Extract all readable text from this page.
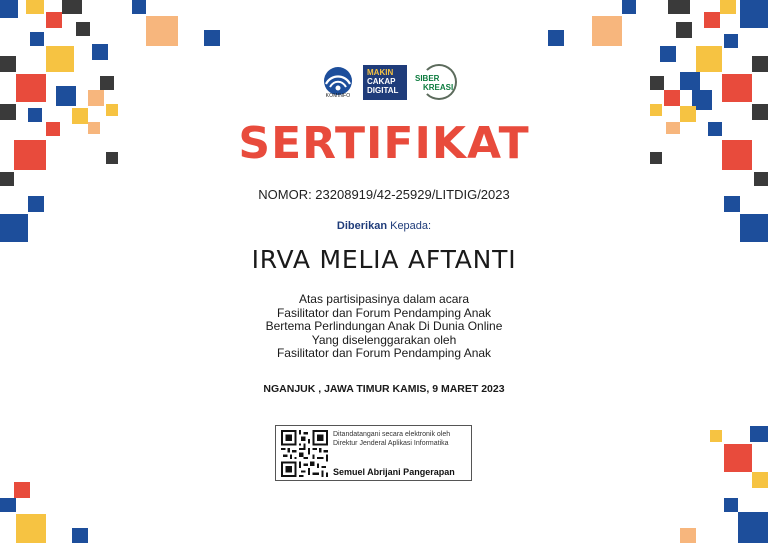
KOMINFO
MAKIN
CAKAP
DIGITAL
SIBER
KREASI
SERTIFIKAT
NOMOR: 23208919/42-25929/LITDIG/2023
Diberikan Kepada:
IRVA MELIA AFTANTI
Atas partisipasinya dalam acara
Fasilitator dan Forum Pendamping Anak
Bertema Perlindungan Anak Di Dunia Online
Yang diselenggarakan oleh
Fasilitator dan Forum Pendamping Anak
NGANJUK , JAWA TIMUR KAMIS, 9 MARET 2023
Ditandatangani secara elektronik oleh
Direktur Jenderal Aplikasi Informatika
Semuel Abrijani Pangerapan
